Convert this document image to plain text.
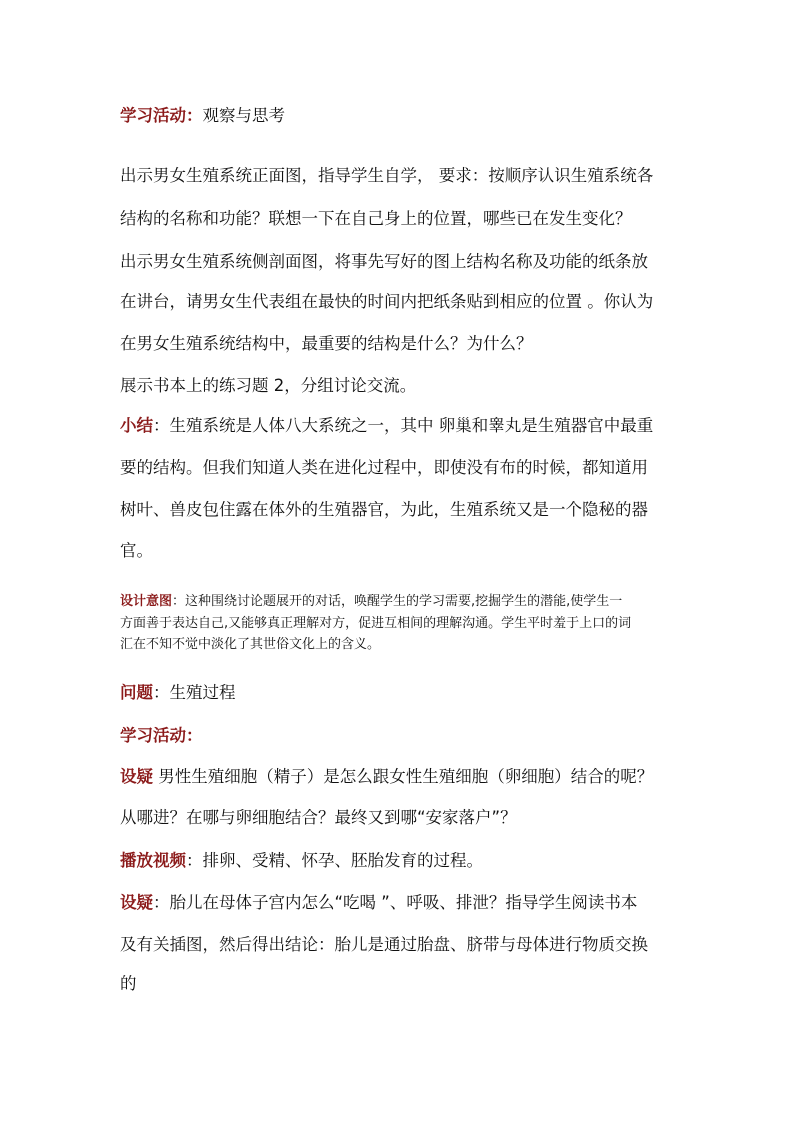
学习活动：观察与思考

出示男女生殖系统正面图，指导学生自学， 要求：按顺序认识生殖系统各

结构的名称和功能？联想一下在自己身上的位置，哪些已在发生变化？

出示男女生殖系统侧剖面图，将事先写好的图上结构名称及功能的纸条放

在讲台，请男女生代表组在最快的时间内把纸条贴到相应的位置 。你认为

在男女生殖系统结构中，最重要的结构是什么？为什么？

展示书本上的练习题 2，分组讨论交流。

小结：生殖系统是人体八大系统之一，其中 卵巢和睾丸是生殖器官中最重

要的结构。但我们知道人类在进化过程中，即使没有布的时候，都知道用

树叶、兽皮包住露在体外的生殖器官，为此，生殖系统又是一个隐秘的器

官。

设计意图：这种围绕讨论题展开的对话，唤醒学生的学习需要,挖掘学生的潜能,使学生一

方面善于表达自己,又能够真正理解对方，促进互相间的理解沟通。学生平时羞于上口的词

汇在不知不觉中淡化了其世俗文化上的含义。

问题：生殖过程

学习活动：

设疑 男性生殖细胞（精子）是怎么跟女性生殖细胞（卵细胞）结合的呢？

从哪进？在哪与卵细胞结合？最终又到哪“安家落户”？

播放视频：排卵、受精、怀孕、胚胎发育的过程。

设疑：胎儿在母体子宫内怎么“吃喝 ”、呼吸、排泄？指导学生阅读书本

及有关插图，然后得出结论：胎儿是通过胎盘、脐带与母体进行物质交换

的
